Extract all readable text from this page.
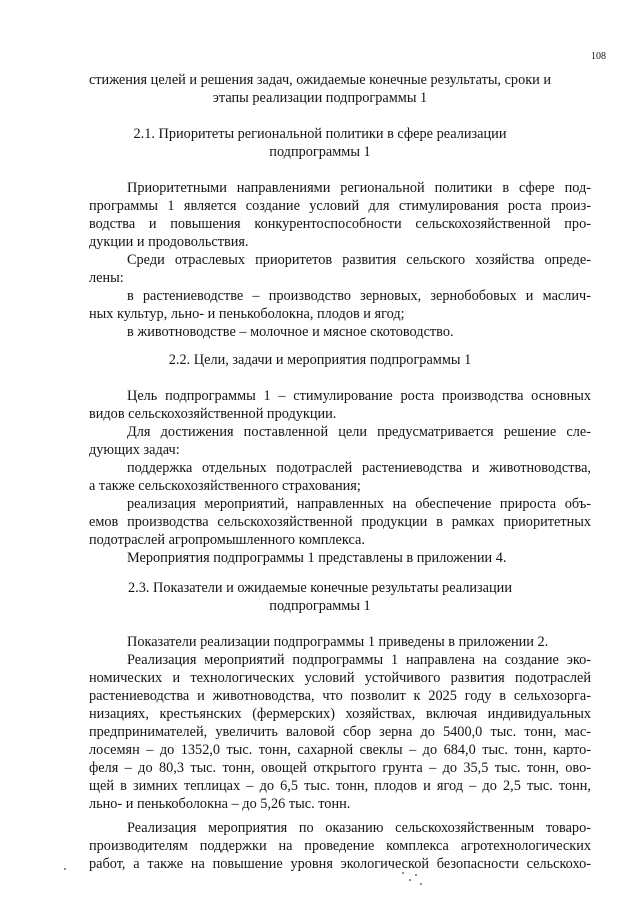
108
стижения целей и решения задач, ожидаемые конечные результаты, сроки и
этапы реализации подпрограммы 1
2.1. Приоритеты региональной политики в сфере реализации
подпрограммы 1
Приоритетными направлениями региональной политики в сфере под-
программы 1 является создание условий для стимулирования роста произ-
водства и повышения конкурентоспособности сельскохозяйственной про-
дукции и продовольствия.
Среди отраслевых приоритетов развития сельского хозяйства опреде-
лены:
в растениеводстве – производство зерновых, зернобобовых и маслич-
ных культур, льно- и пенькоболокна, плодов и ягод;
в животноводстве – молочное и мясное скотоводство.
2.2. Цели, задачи и мероприятия подпрограммы 1
Цель подпрограммы 1 – стимулирование роста производства основных
видов сельскохозяйственной продукции.
Для достижения поставленной цели предусматривается решение сле-
дующих задач:
поддержка отдельных подотраслей растениеводства и животноводства,
а также сельскохозяйственного страхования;
реализация мероприятий, направленных на обеспечение прироста объ-
емов производства сельскохозяйственной продукции в рамках приоритетных
подотраслей агропромышленного комплекса.
Мероприятия подпрограммы 1 представлены в приложении 4.
2.3. Показатели и ожидаемые конечные результаты реализации
подпрограммы 1
Показатели реализации подпрограммы 1 приведены в приложении 2.
Реализация мероприятий подпрограммы 1 направлена на создание эко-
номических и технологических условий устойчивого развития подотраслей
растениеводства и животноводства, что позволит к 2025 году в сельхозорга-
низациях, крестьянских (фермерских) хозяйствах, включая индивидуальных
предпринимателей, увеличить валовой сбор зерна до 5400,0 тыс. тонн, мас-
лосемян – до 1352,0 тыс. тонн, сахарной свеклы – до 684,0 тыс. тонн, карто-
феля – до 80,3 тыс. тонн, овощей открытого грунта – до 35,5 тыс. тонн, ово-
щей в зимних теплицах – до 6,5 тыс. тонн, плодов и ягод – до 2,5 тыс. тонн,
льно- и пенькоболокна – до 5,26 тыс. тонн.
Реализация мероприятия по оказанию сельскохозяйственным товаро-
производителям поддержки на проведение комплекса агротехнологических
работ, а также на повышение уровня экологической безопасности сельскохо-
